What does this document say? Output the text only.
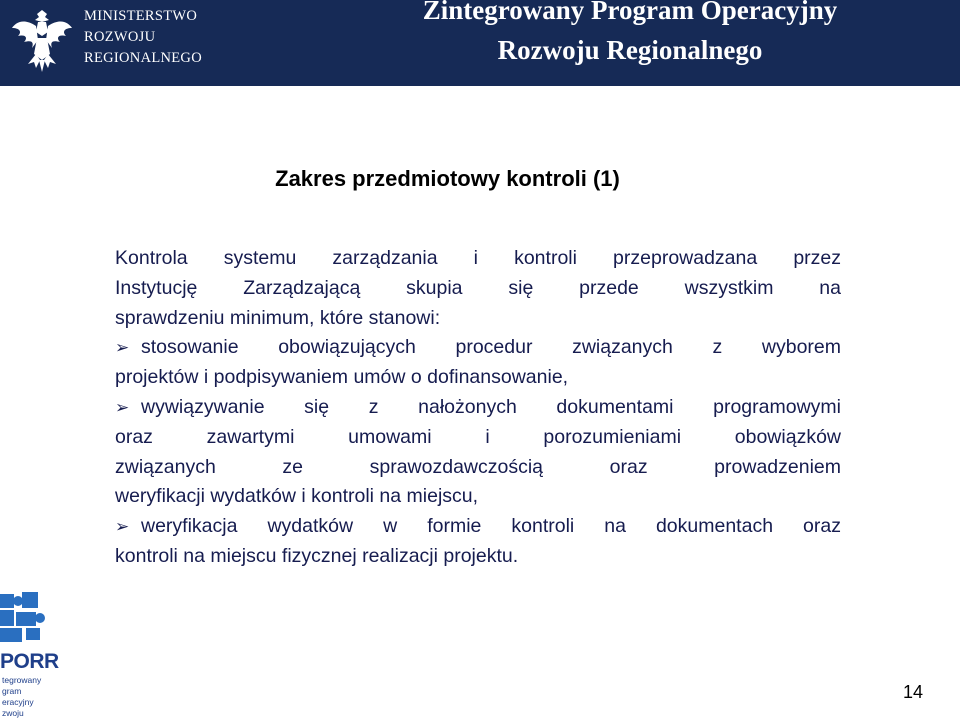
MINISTERSTWO
ROZWOJU
REGIONALNEGO
Zintegrowany Program Operacyjny
Rozwoju Regionalnego
Zakres przedmiotowy kontroli (1)
Kontrola systemu zarządzania i kontroli przeprowadzana przez
Instytucję Zarządzającą skupia się przede wszystkim na
sprawdzeniu minimum, które stanowi:
➢ stosowanie obowiązujących procedur związanych z wyborem
projektów i podpisywaniem umów o dofinansowanie,
➢ wywiązywanie się z nałożonych dokumentami programowymi
oraz zawartymi umowami i porozumieniami obowiązków
związanych ze sprawozdawczością oraz prowadzeniem
weryfikacji wydatków i kontroli na miejscu,
➢ weryfikacja wydatków w formie kontroli na dokumentach oraz
kontroli na miejscu fizycznej realizacji projektu.
PORR
tegrowany
gram
eracyjny
zwoju
14
